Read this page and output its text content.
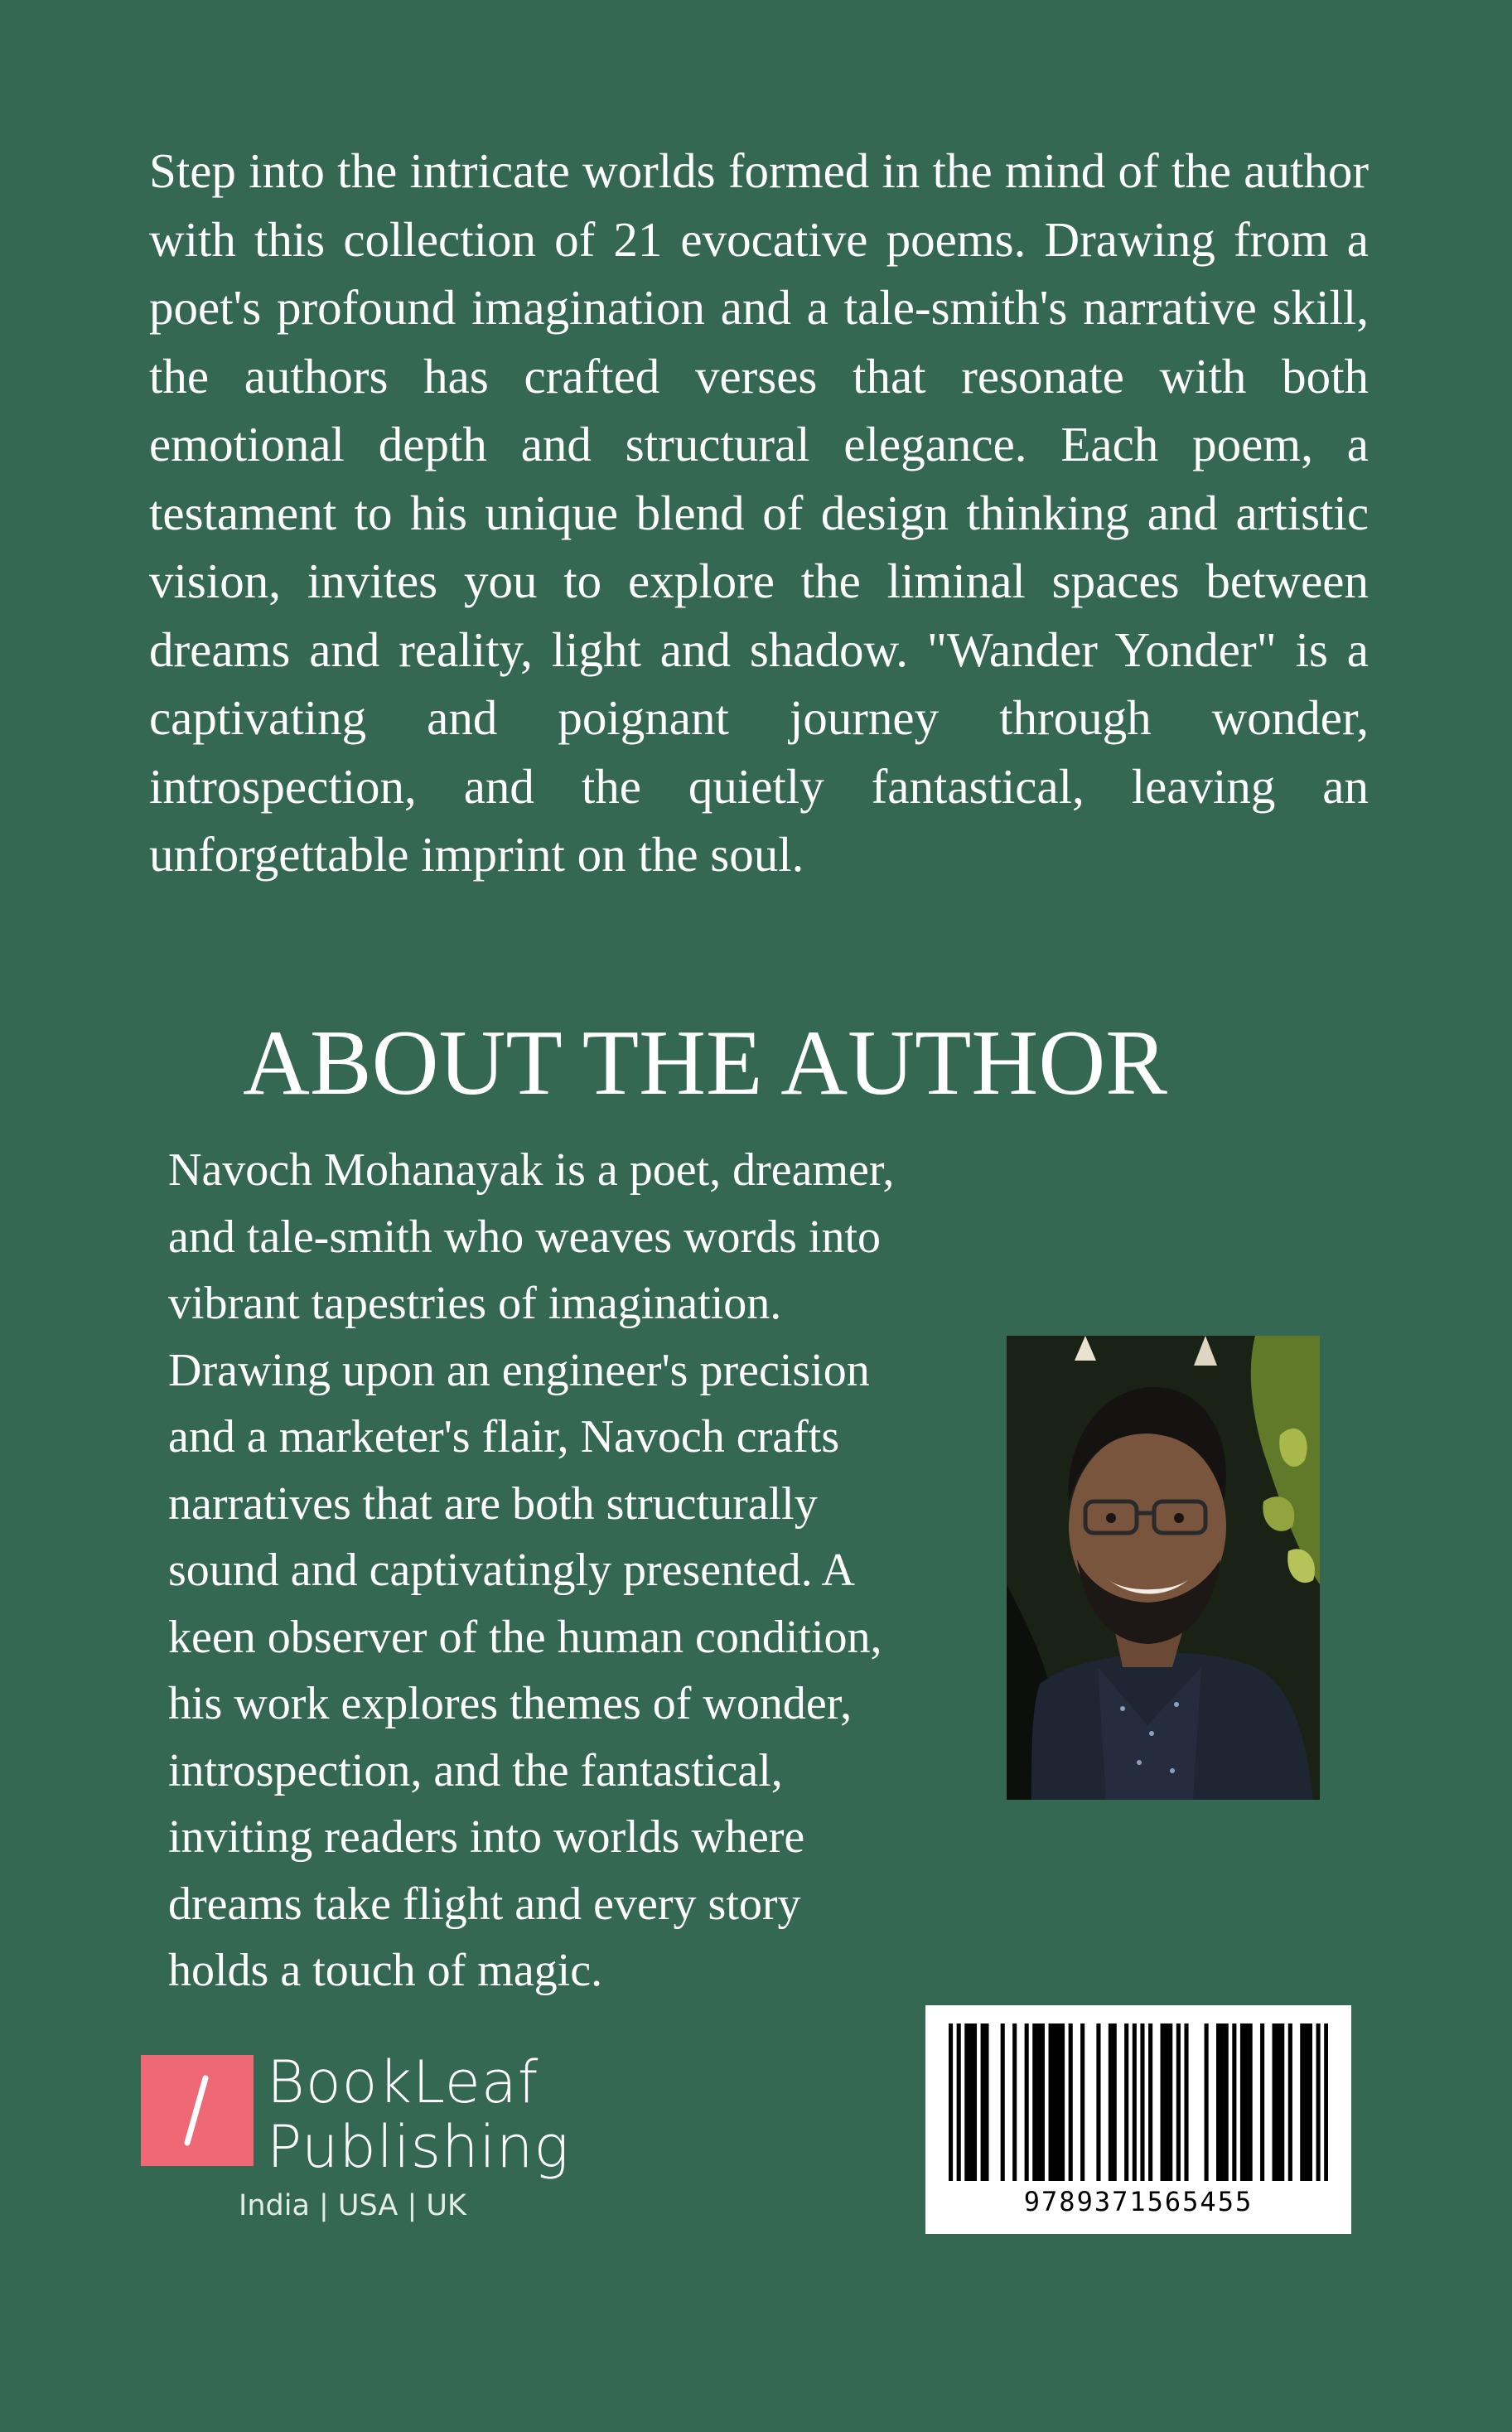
Step into the intricate worlds formed in the mind of the author with this collection of 21 evocative poems. Drawing from a poet's profound imagination and a tale-smith's narrative skill, the authors has crafted verses that resonate with both emotional depth and structural elegance. Each poem, a testament to his unique blend of design thinking and artistic vision, invites you to explore the liminal spaces between dreams and reality, light and shadow. "Wander Yonder" is a captivating and poignant journey through wonder, introspection, and the quietly fantastical, leaving an unforgettable imprint on the soul.

ABOUT THE AUTHOR
Navoch Mohanayak is a poet, dreamer,
and tale-smith who weaves words into
vibrant tapestries of imagination.
Drawing upon an engineer's precision
and a marketer's flair, Navoch crafts
narratives that are both structurally
sound and captivatingly presented. A
keen observer of the human condition,
his work explores themes of wonder,
introspection, and the fantastical,
inviting readers into worlds where
dreams take flight and every story
holds a touch of magic.
BookLeaf
Publishing
India | USA | UK	9789371565455
